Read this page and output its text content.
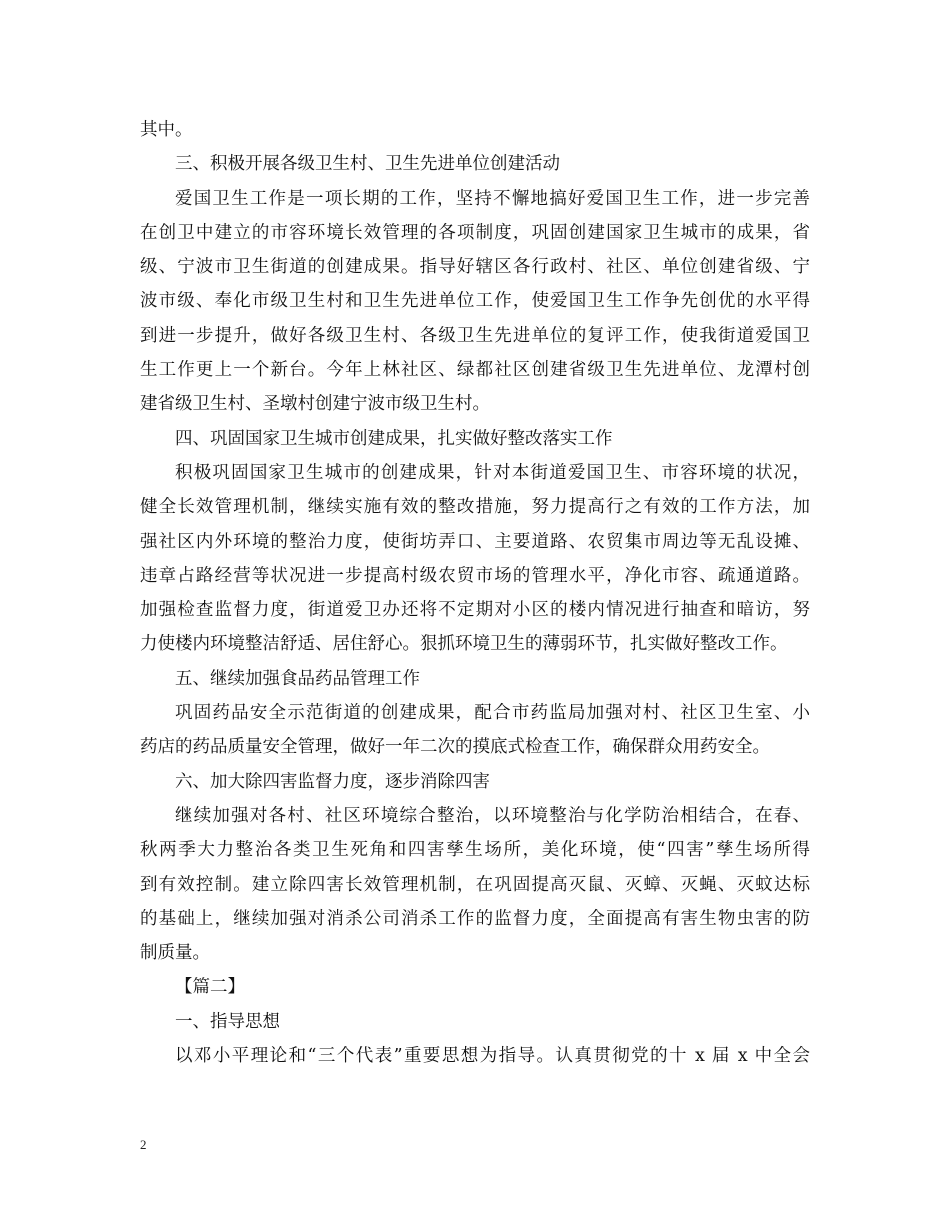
其中。
三、积极开展各级卫生村、卫生先进单位创建活动
爱国卫生工作是一项长期的工作，坚持不懈地搞好爱国卫生工作，进一步完善
在创卫中建立的市容环境长效管理的各项制度，巩固创建国家卫生城市的成果，省
级、宁波市卫生街道的创建成果。指导好辖区各行政村、社区、单位创建省级、宁
波市级、奉化市级卫生村和卫生先进单位工作，使爱国卫生工作争先创优的水平得
到进一步提升，做好各级卫生村、各级卫生先进单位的复评工作，使我街道爱国卫
生工作更上一个新台。今年上林社区、绿都社区创建省级卫生先进单位、龙潭村创
建省级卫生村、圣墩村创建宁波市级卫生村。
四、巩固国家卫生城市创建成果，扎实做好整改落实工作
积极巩固国家卫生城市的创建成果，针对本街道爱国卫生、市容环境的状况，
健全长效管理机制，继续实施有效的整改措施，努力提高行之有效的工作方法，加
强社区内外环境的整治力度，使街坊弄口、主要道路、农贸集市周边等无乱设摊、
违章占路经营等状况进一步提高村级农贸市场的管理水平，净化市容、疏通道路。
加强检查监督力度，街道爱卫办还将不定期对小区的楼内情况进行抽查和暗访，努
力使楼内环境整洁舒适、居住舒心。狠抓环境卫生的薄弱环节，扎实做好整改工作。
五、继续加强食品药品管理工作
巩固药品安全示范街道的创建成果，配合市药监局加强对村、社区卫生室、小
药店的药品质量安全管理，做好一年二次的摸底式检查工作，确保群众用药安全。
六、加大除四害监督力度，逐步消除四害
继续加强对各村、社区环境综合整治，以环境整治与化学防治相结合，在春、
秋两季大力整治各类卫生死角和四害孳生场所，美化环境，使“四害”孳生场所得
到有效控制。建立除四害长效管理机制，在巩固提高灭鼠、灭蟑、灭蝇、灭蚊达标
的基础上，继续加强对消杀公司消杀工作的监督力度，全面提高有害生物虫害的防
制质量。
【篇二】
一、指导思想
以邓小平理论和“三个代表”重要思想为指导。认真贯彻党的十 x 届 x 中全会
2
